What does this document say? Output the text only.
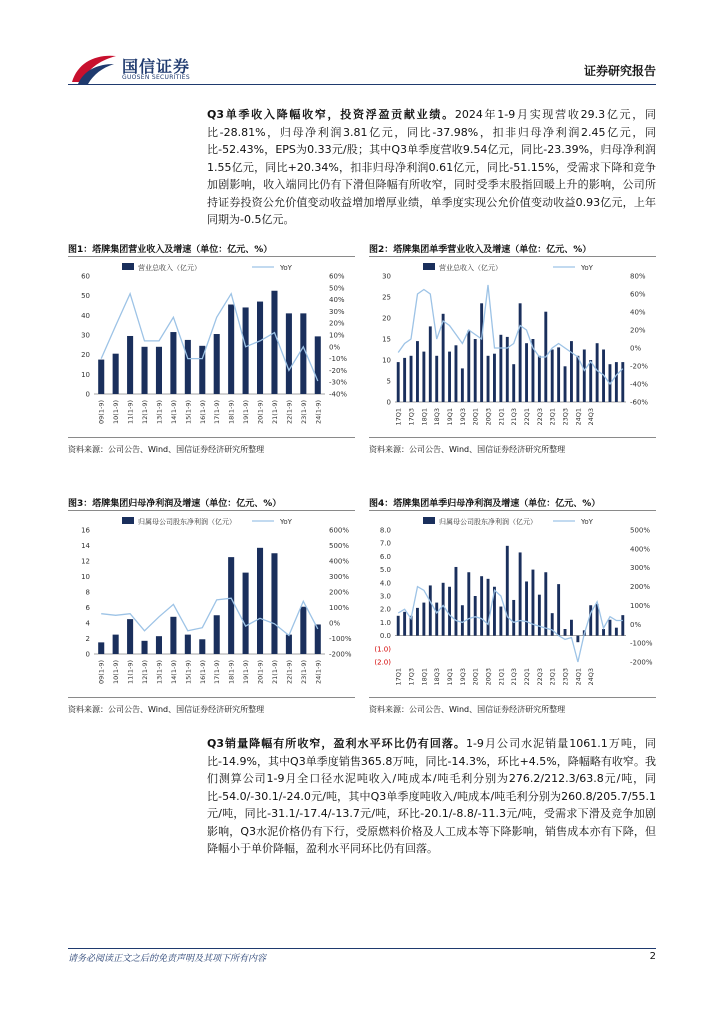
国信证券
GUOSEN SECURITIES	证券研究报告
Q3单季收入降幅收窄，投资浮盈贡献业绩。2024年1-9月实现营收29.3亿元，同比-28.81%，归母净利润3.81亿元，同比-37.98%，扣非归母净利润2.45亿元，同比-52.43%，EPS为0.33元/股；其中Q3单季度营收9.54亿元，同比-23.39%，归母净利润1.55亿元，同比+20.34%，扣非归母净利润0.61亿元，同比-51.15%，受需求下降和竞争加剧影响，收入端同比仍有下滑但降幅有所收窄，同时受季末股指回暖上升的影响，公司所持证券投资公允价值变动收益增加增厚业绩，单季度实现公允价值变动收益0.93亿元，上年同期为-0.5亿元。
图1：塔牌集团营业收入及增速（单位：亿元、%）
营业总收入（亿元）	YoY
0
10
20
30
40
50
60
-40%
-30%
-20%
-10%
0%
10%
20%
30%
40%
50%
60%
09(1-9) 10(1-9) 11(1-9) 12(1-9) 13(1-9) 14(1-9) 15(1-9) 16(1-9) 17(1-9) 18(1-9) 19(1-9) 20(1-9) 21(1-9) 22(1-9) 23(1-9) 24(1-9)
资料来源：公司公告、Wind、国信证券经济研究所整理
图2：塔牌集团单季营业收入及增速（单位：亿元、%）
营业总收入（亿元）	YoY
0
5
10
15
20
25
30
-60%
-40%
-20%
0%
20%
40%
60%
80%
17Q1 17Q3 18Q1 18Q3 19Q1 19Q3 20Q1 20Q3 21Q1 21Q3 22Q1 22Q3 23Q1 23Q3 24Q1 24Q3
资料来源：公司公告、Wind、国信证券经济研究所整理
图3：塔牌集团归母净利润及增速（单位：亿元、%）
归属母公司股东净利润（亿元）	YoY
0
2
4
6
8
10
12
14
16
-200%
-100%
0%
100%
200%
300%
400%
500%
600%
09(1-9) 10(1-9) 11(1-9) 12(1-9) 13(1-9) 14(1-9) 15(1-9) 16(1-9) 17(1-9) 18(1-9) 19(1-9) 20(1-9) 21(1-9) 22(1-9) 23(1-9) 24(1-9)
资料来源：公司公告、Wind、国信证券经济研究所整理
图4：塔牌集团单季归母净利润及增速（单位：亿元、%）
归属母公司股东净利润（亿元）	YoY
(2.0)
(1.0)
0.0
1.0
2.0
3.0
4.0
5.0
6.0
7.0
8.0
-200%
-100%
0%
100%
200%
300%
400%
500%
17Q1 17Q3 18Q1 18Q3 19Q1 19Q3 20Q1 20Q3 21Q1 21Q3 22Q1 22Q3 23Q1 23Q3 24Q1 24Q3
资料来源：公司公告、Wind、国信证券经济研究所整理
Q3销量降幅有所收窄，盈利水平环比仍有回落。1-9月公司水泥销量1061.1万吨，同比-14.9%，其中Q3单季度销售365.8万吨，同比-14.3%，环比+4.5%，降幅略有收窄。我们测算公司1-9月全口径水泥吨收入/吨成本/吨毛利分别为276.2/212.3/63.8元/吨，同比-54.0/-30.1/-24.0元/吨，其中Q3单季度吨收入/吨成本/吨毛利分别为260.8/205.7/55.1元/吨，同比-31.1/-17.4/-13.7元/吨，环比-20.1/-8.8/-11.3元/吨，受需求下滑及竞争加剧影响，Q3水泥价格仍有下行，受原燃料价格及人工成本等下降影响，销售成本亦有下降，但降幅小于单价降幅，盈利水平同环比仍有回落。
请务必阅读正文之后的免责声明及其项下所有内容	2
